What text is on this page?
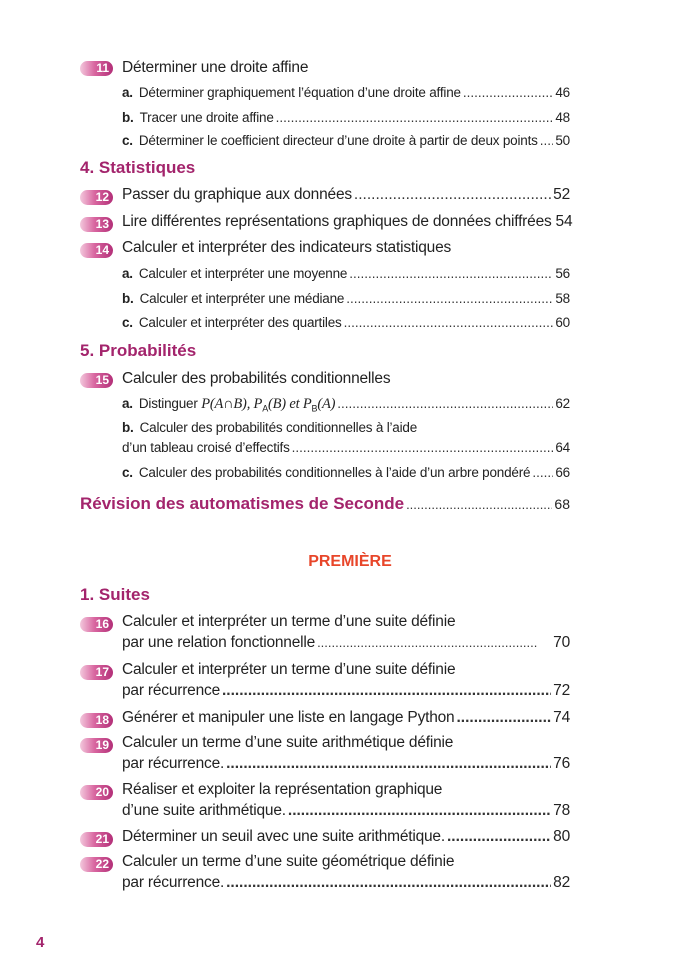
11 Déterminer une droite affine
a. Déterminer graphiquement l’équation d’une droite affine .....	46
b. Tracer une droite affine .....	48
c. Déterminer le coefficient directeur d’une droite à partir de deux points ..... 50
4. Statistiques
12 Passer du graphique aux données .....	52
13 Lire différentes représentations graphiques de données chiffrées 54
14 Calculer et interpréter des indicateurs statistiques
a. Calculer et interpréter une moyenne .....	56
b. Calculer et interpréter une médiane .....	58
c. Calculer et interpréter des quartiles .....	60
5. Probabilités
15 Calculer des probabilités conditionnelles
a. Distinguer P(A∩B), $P_A(B)$ et $P_B(A)$ .....	62
b. Calculer des probabilités conditionnelles à l’aide
d’un tableau croisé d’effectifs .....	64
c. Calculer des probabilités conditionnelles à l’aide d’un arbre pondéré ..... 66
Révision des automatismes de Seconde .....	68
PREMIÈRE
1. Suites
16 Calculer et interpréter un terme d’une suite définie
par une relation fonctionnelle .....	70
17 Calculer et interpréter un terme d’une suite définie
par récurrence .....	72
18 Générer et manipuler une liste en langage Python .....	74
19 Calculer un terme d’une suite arithmétique définie
par récurrence. .....	76
20 Réaliser et exploiter la représentation graphique
d’une suite arithmétique. .....	78
21 Déterminer un seuil avec une suite arithmétique. .....	80
22 Calculer un terme d’une suite géométrique définie
par récurrence. .....	82
4
